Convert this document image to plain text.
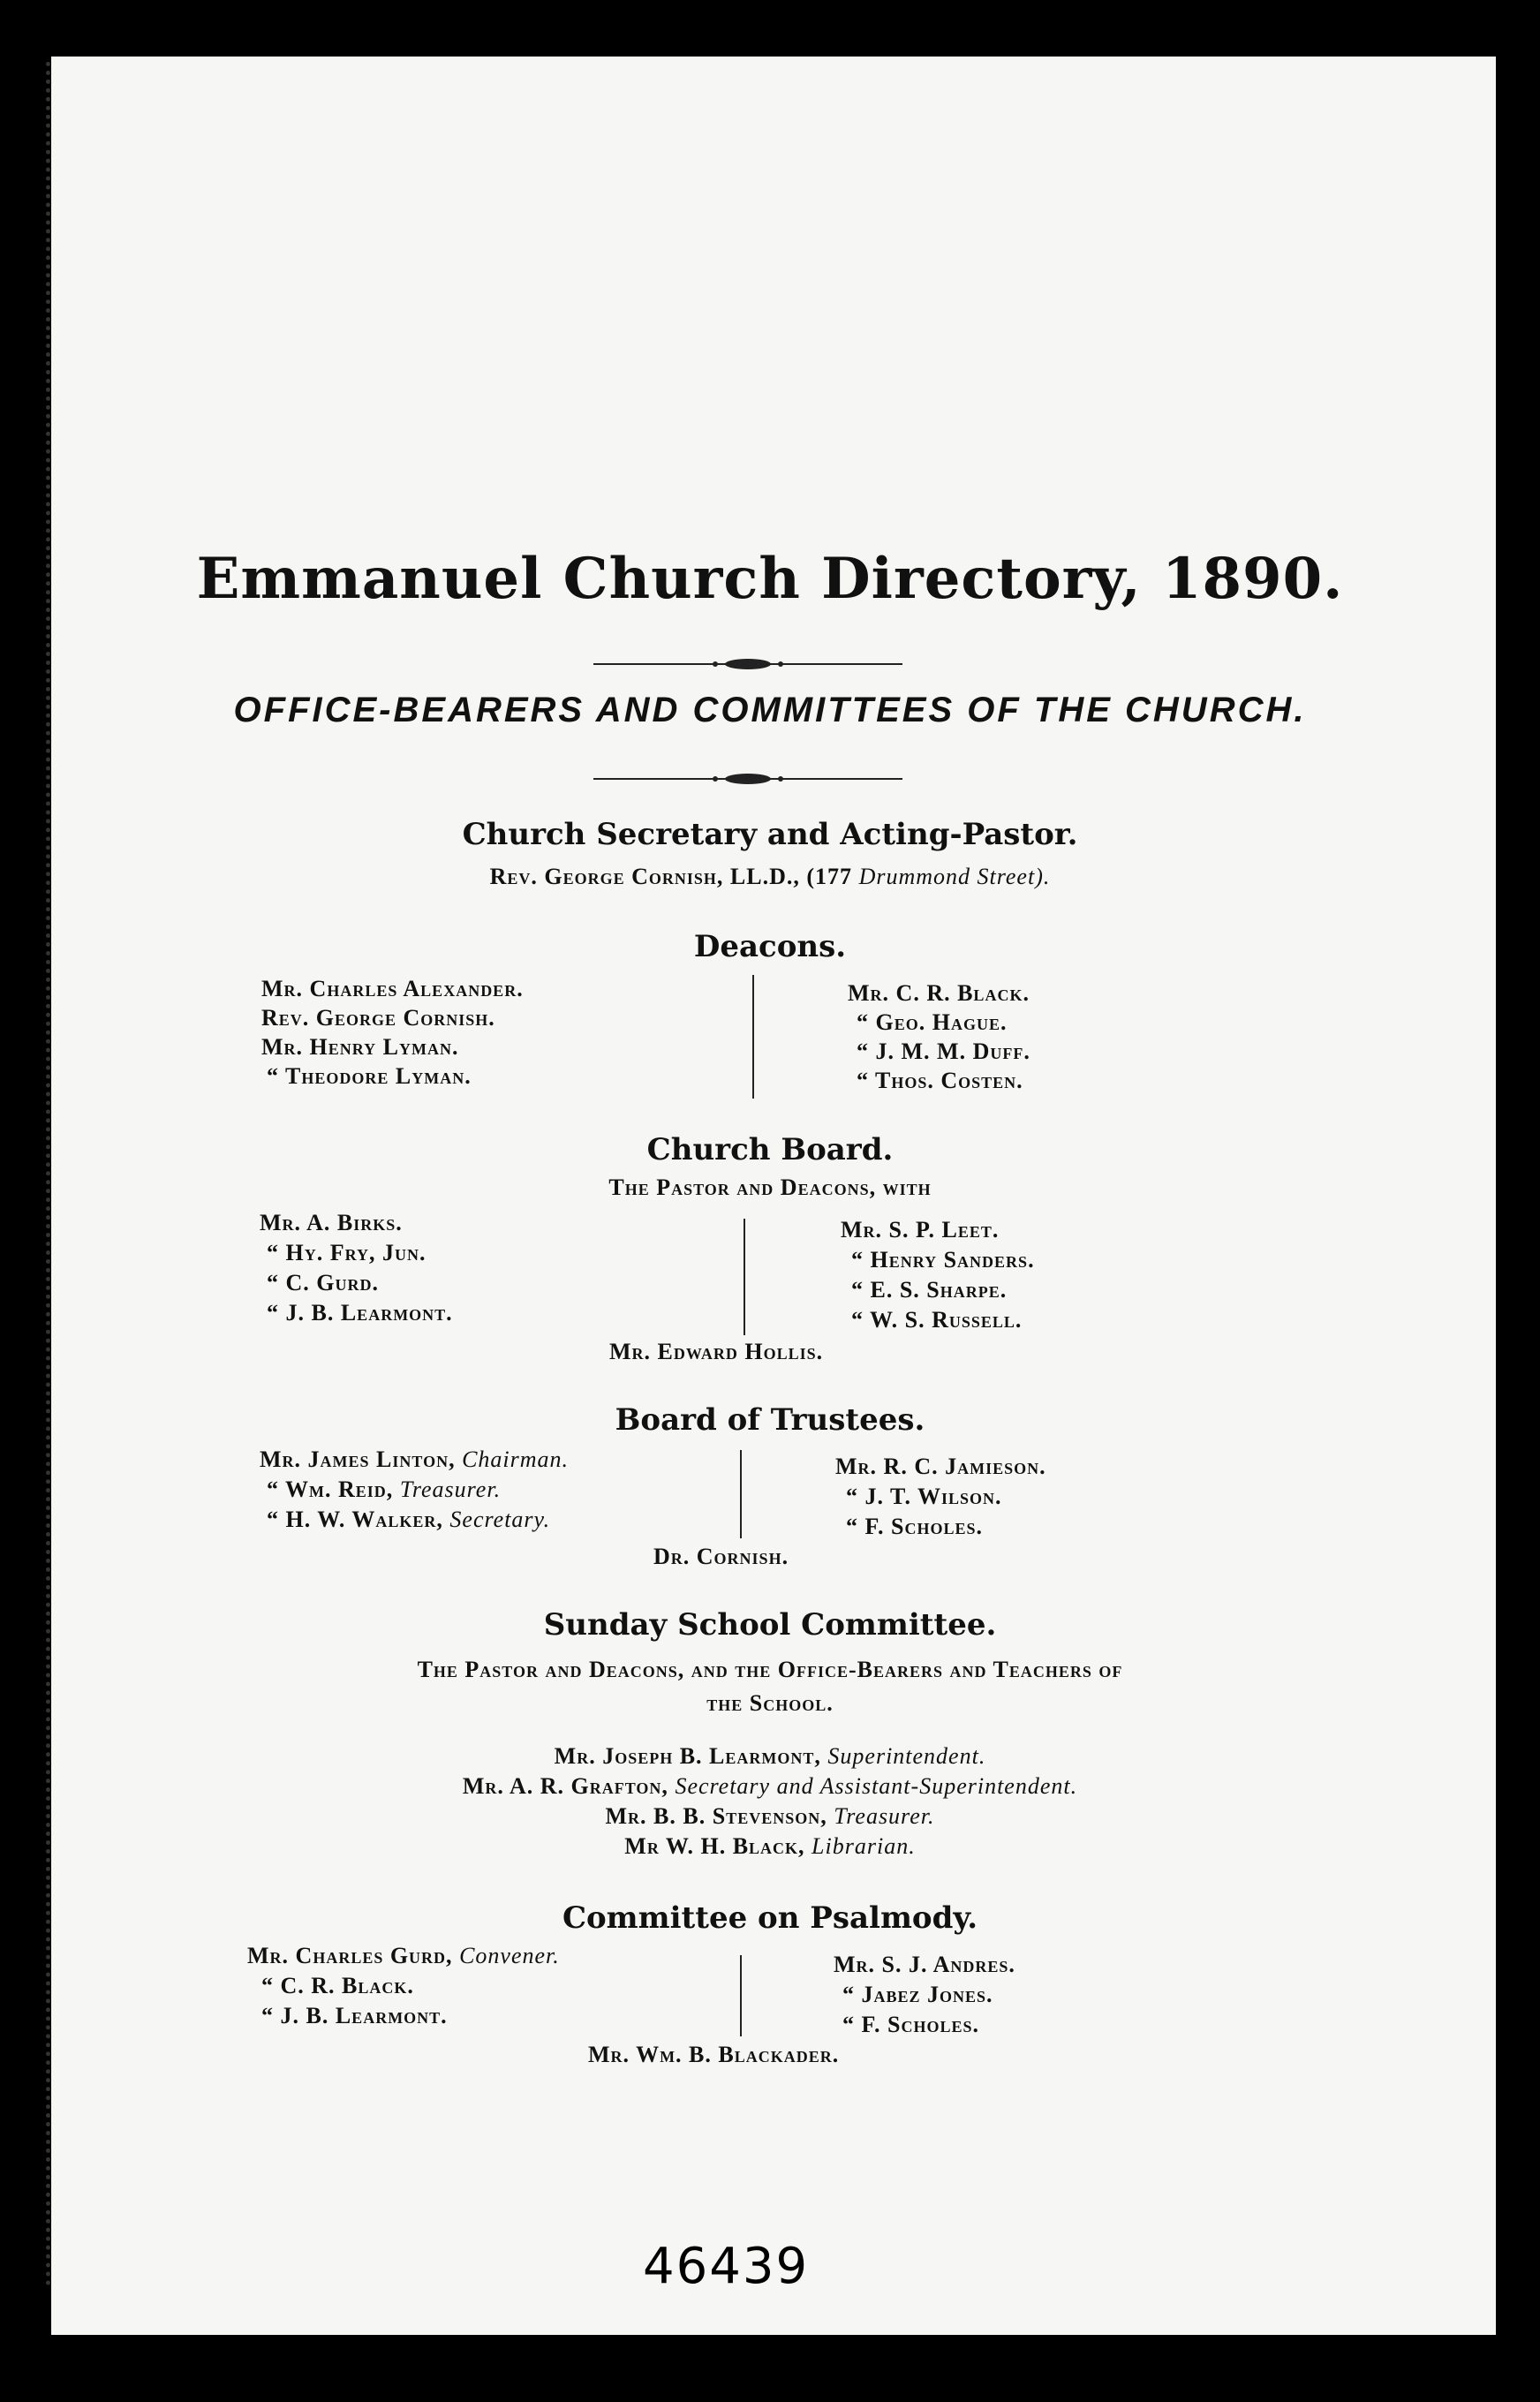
Emmanuel Church Directory, 1890.
OFFICE-BEARERS AND COMMITTEES OF THE CHURCH.
Church Secretary and Acting-Pastor.
Rev. George Cornish, LL.D., (177 Drummond Street).
Deacons.
Mr. Charles Alexander.
Rev. George Cornish.
Mr. Henry Lyman.
“ Theodore Lyman.
Mr. C. R. Black.
“ Geo. Hague.
“ J. M. M. Duff.
“ Thos. Costen.
Church Board.
The Pastor and Deacons, with
Mr. A. Birks.
“ Hy. Fry, Jun.
“ C. Gurd.
“ J. B. Learmont.
Mr. S. P. Leet.
“ Henry Sanders.
“ E. S. Sharpe.
“ W. S. Russell.
Mr. Edward Hollis.
Board of Trustees.
Mr. James Linton, Chairman.
“ Wm. Reid, Treasurer.
“ H. W. Walker, Secretary.
Mr. R. C. Jamieson.
“ J. T. Wilson.
“ F. Scholes.
Dr. Cornish.
Sunday School Committee.
The Pastor and Deacons, and the Office-Bearers and Teachers of
the School.
Mr. Joseph B. Learmont, Superintendent.
Mr. A. R. Grafton, Secretary and Assistant-Superintendent.
Mr. B. B. Stevenson, Treasurer.
Mr W. H. Black, Librarian.
Committee on Psalmody.
Mr. Charles Gurd, Convener.
“ C. R. Black.
“ J. B. Learmont.
Mr. S. J. Andres.
“ Jabez Jones.
“ F. Scholes.
Mr. Wm. B. Blackader.
46439
